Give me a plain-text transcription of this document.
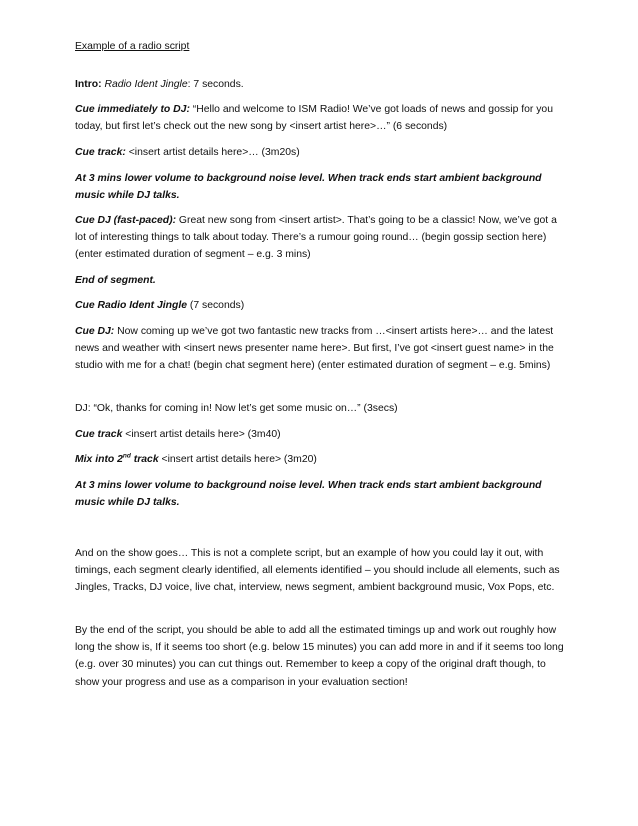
Example of a radio script

Intro: Radio Ident Jingle: 7 seconds.

Cue immediately to DJ: “Hello and welcome to ISM Radio! We’ve got loads of news and gossip for you today, but first let’s check out the new song by <insert artist here>…” (6 seconds)

Cue track: <insert artist details here>… (3m20s)

At 3 mins lower volume to background noise level. When track ends start ambient background music while DJ talks.

Cue DJ (fast-paced): Great new song from <insert artist>. That’s going to be a classic! Now, we’ve got a lot of interesting things to talk about today. There’s a rumour going round… (begin gossip section here) (enter estimated duration of segment – e.g. 3 mins)

End of segment.

Cue Radio Ident Jingle (7 seconds)

Cue DJ: Now coming up we’ve got two fantastic new tracks from …<insert artists here>… and the latest news and weather with <insert news presenter name here>. But first, I’ve got <insert guest name> in the studio with me for a chat! (begin chat segment here) (enter estimated duration of segment – e.g. 5mins)

DJ: “Ok, thanks for coming in! Now let’s get some music on…” (3secs)

Cue track <insert artist details here> (3m40)

Mix into 2nd track <insert artist details here> (3m20)

At 3 mins lower volume to background noise level. When track ends start ambient background music while DJ talks.

And on the show goes… This is not a complete script, but an example of how you could lay it out, with timings, each segment clearly identified, all elements identified – you should include all elements, such as Jingles, Tracks, DJ voice, live chat, interview, news segment, ambient background music, Vox Pops, etc.

By the end of the script, you should be able to add all the estimated timings up and work out roughly how long the show is, If it seems too short (e.g. below 15 minutes) you can add more in and if it seems too long (e.g. over 30 minutes) you can cut things out. Remember to keep a copy of the original draft though, to show your progress and use as a comparison in your evaluation section!
